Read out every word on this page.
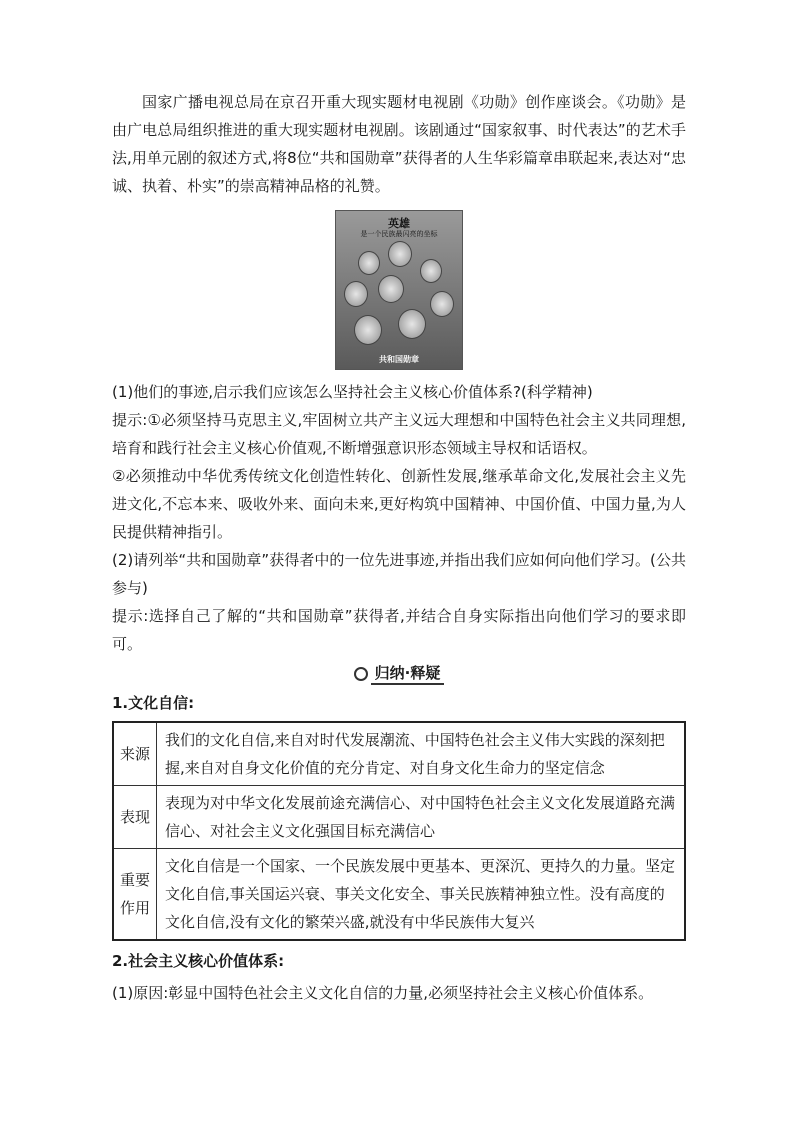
国家广播电视总局在京召开重大现实题材电视剧《功勋》创作座谈会。《功勋》是由广电总局组织推进的重大现实题材电视剧。该剧通过“国家叙事、时代表达”的艺术手法,用单元剧的叙述方式,将8位“共和国勋章”获得者的人生华彩篇章串联起来,表达对“忠诚、执着、朴实”的崇高精神品格的礼赞。

英雄
是一个民族最闪亮的坐标
共和国勋章

(1)他们的事迹,启示我们应该怎么坚持社会主义核心价值体系?(科学精神)

提示:①必须坚持马克思主义,牢固树立共产主义远大理想和中国特色社会主义共同理想,培育和践行社会主义核心价值观,不断增强意识形态领域主导权和话语权。

②必须推动中华优秀传统文化创造性转化、创新性发展,继承革命文化,发展社会主义先进文化,不忘本来、吸收外来、面向未来,更好构筑中国精神、中国价值、中国力量,为人民提供精神指引。

(2)请列举“共和国勋章”获得者中的一位先进事迹,并指出我们应如何向他们学习。(公共参与)

提示:选择自己了解的“共和国勋章”获得者,并结合自身实际指出向他们学习的要求即可。

归纳·释疑
1.文化自信:
来源	我们的文化自信,来自对时代发展潮流、中国特色社会主义伟大实践的深刻把握,来自对自身文化价值的充分肯定、对自身文化生命力的坚定信念
表现	表现为对中华文化发展前途充满信心、对中国特色社会主义文化发展道路充满信心、对社会主义文化强国目标充满信心
重要作用	文化自信是一个国家、一个民族发展中更基本、更深沉、更持久的力量。坚定文化自信,事关国运兴衰、事关文化安全、事关民族精神独立性。没有高度的文化自信,没有文化的繁荣兴盛,就没有中华民族伟大复兴
2.社会主义核心价值体系:

(1)原因:彰显中国特色社会主义文化自信的力量,必须坚持社会主义核心价值体系。
